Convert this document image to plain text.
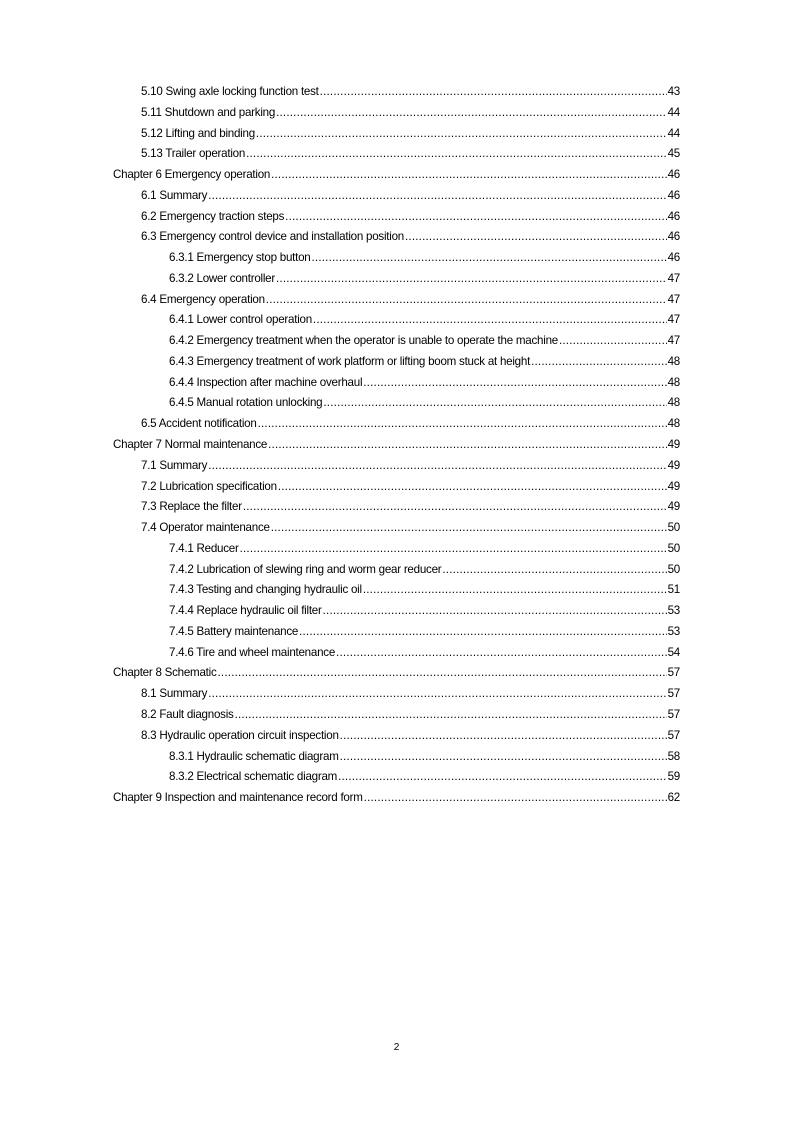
5.10 Swing axle locking function test .....	43
5.11 Shutdown and parking .....	44
5.12 Lifting and binding .....	44
5.13 Trailer operation .....	45
Chapter 6 Emergency operation .....	46
6.1 Summary .....	46
6.2 Emergency traction steps .....	46
6.3 Emergency control device and installation position .....	46
6.3.1 Emergency stop button .....	46
6.3.2 Lower controller .....	47
6.4 Emergency operation .....	47
6.4.1 Lower control operation .....	47
6.4.2 Emergency treatment when the operator is unable to operate the machine .....	47
6.4.3 Emergency treatment of work platform or lifting boom stuck at height .....	48
6.4.4 Inspection after machine overhaul .....	48
6.4.5 Manual rotation unlocking .....	48
6.5 Accident notification .....	48
Chapter 7 Normal maintenance .....	49
7.1 Summary .....	49
7.2 Lubrication specification .....	49
7.3 Replace the filter .....	49
7.4 Operator maintenance .....	50
7.4.1 Reducer .....	50
7.4.2 Lubrication of slewing ring and worm gear reducer .....	50
7.4.3 Testing and changing hydraulic oil .....	51
7.4.4 Replace hydraulic oil filter .....	53
7.4.5 Battery maintenance .....	53
7.4.6 Tire and wheel maintenance .....	54
Chapter 8 Schematic .....	57
8.1 Summary .....	57
8.2 Fault diagnosis .....	57
8.3 Hydraulic operation circuit inspection .....	57
8.3.1 Hydraulic schematic diagram .....	58
8.3.2 Electrical schematic diagram .....	59
Chapter 9 Inspection and maintenance record form .....	62
2
